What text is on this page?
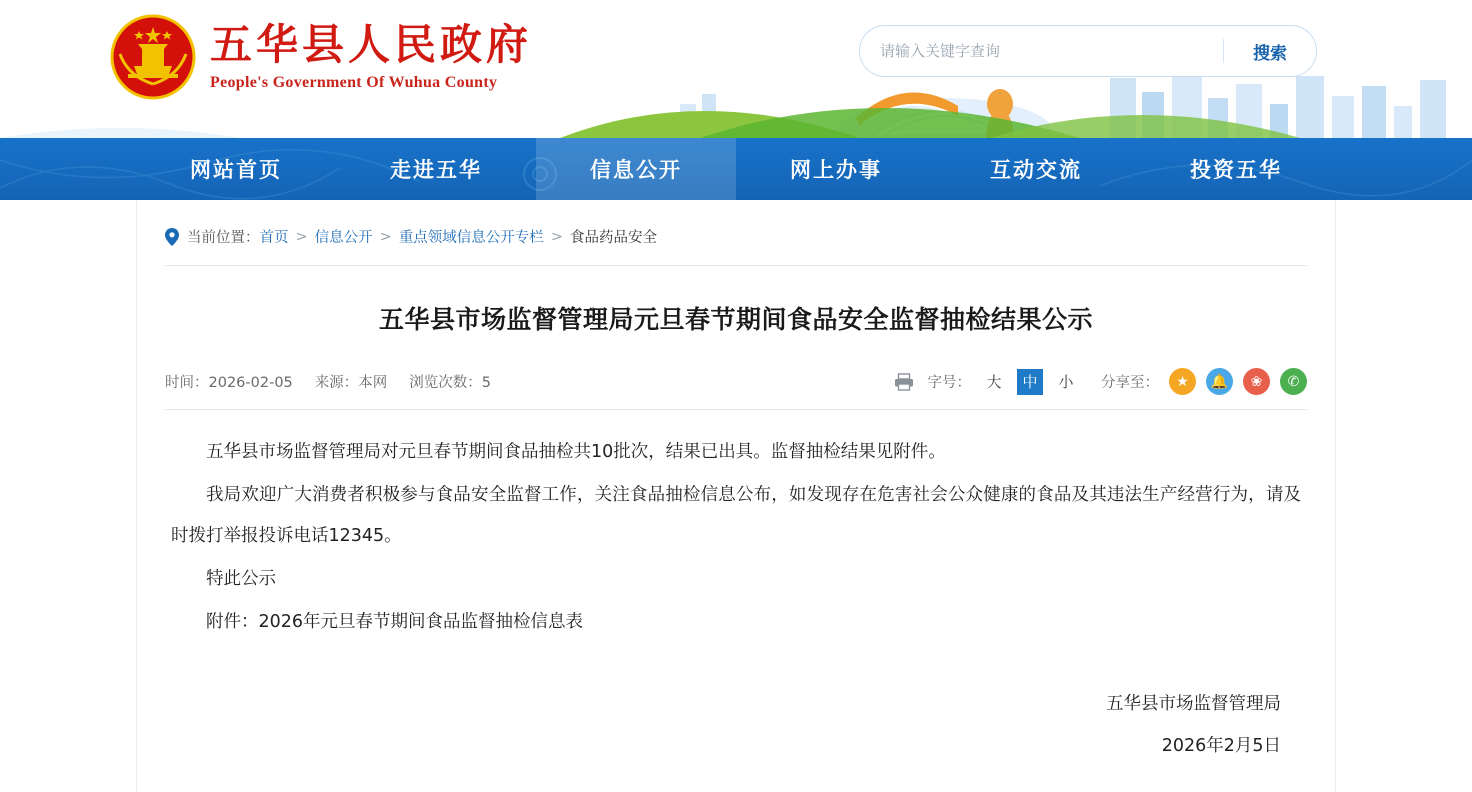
五华县人民政府
People's Government Of Wuhua County
请输入关键字查询
搜索
网站首页	走进五华	信息公开	网上办事	互动交流	投资五华
当前位置： 首页 > 信息公开 > 重点领域信息公开专栏 > 食品药品安全
五华县市场监督管理局元旦春节期间食品安全监督抽检结果公示
时间：2026-02-05 来源：本网 浏览次数：5	字号：	大	中	小	分享至：	★	🔔	❀	✆

五华县市场监督管理局对元旦春节期间食品抽检共10批次，结果已出具。监督抽检结果见附件。

我局欢迎广大消费者积极参与食品安全监督工作，关注食品抽检信息公布，如发现存在危害社会公众健康的食品及其违法生产经营行为，请及时拨打举报投诉电话12345。

特此公示

附件：2026年元旦春节期间食品监督抽检信息表

五华县市场监督管理局
2026年2月5日
